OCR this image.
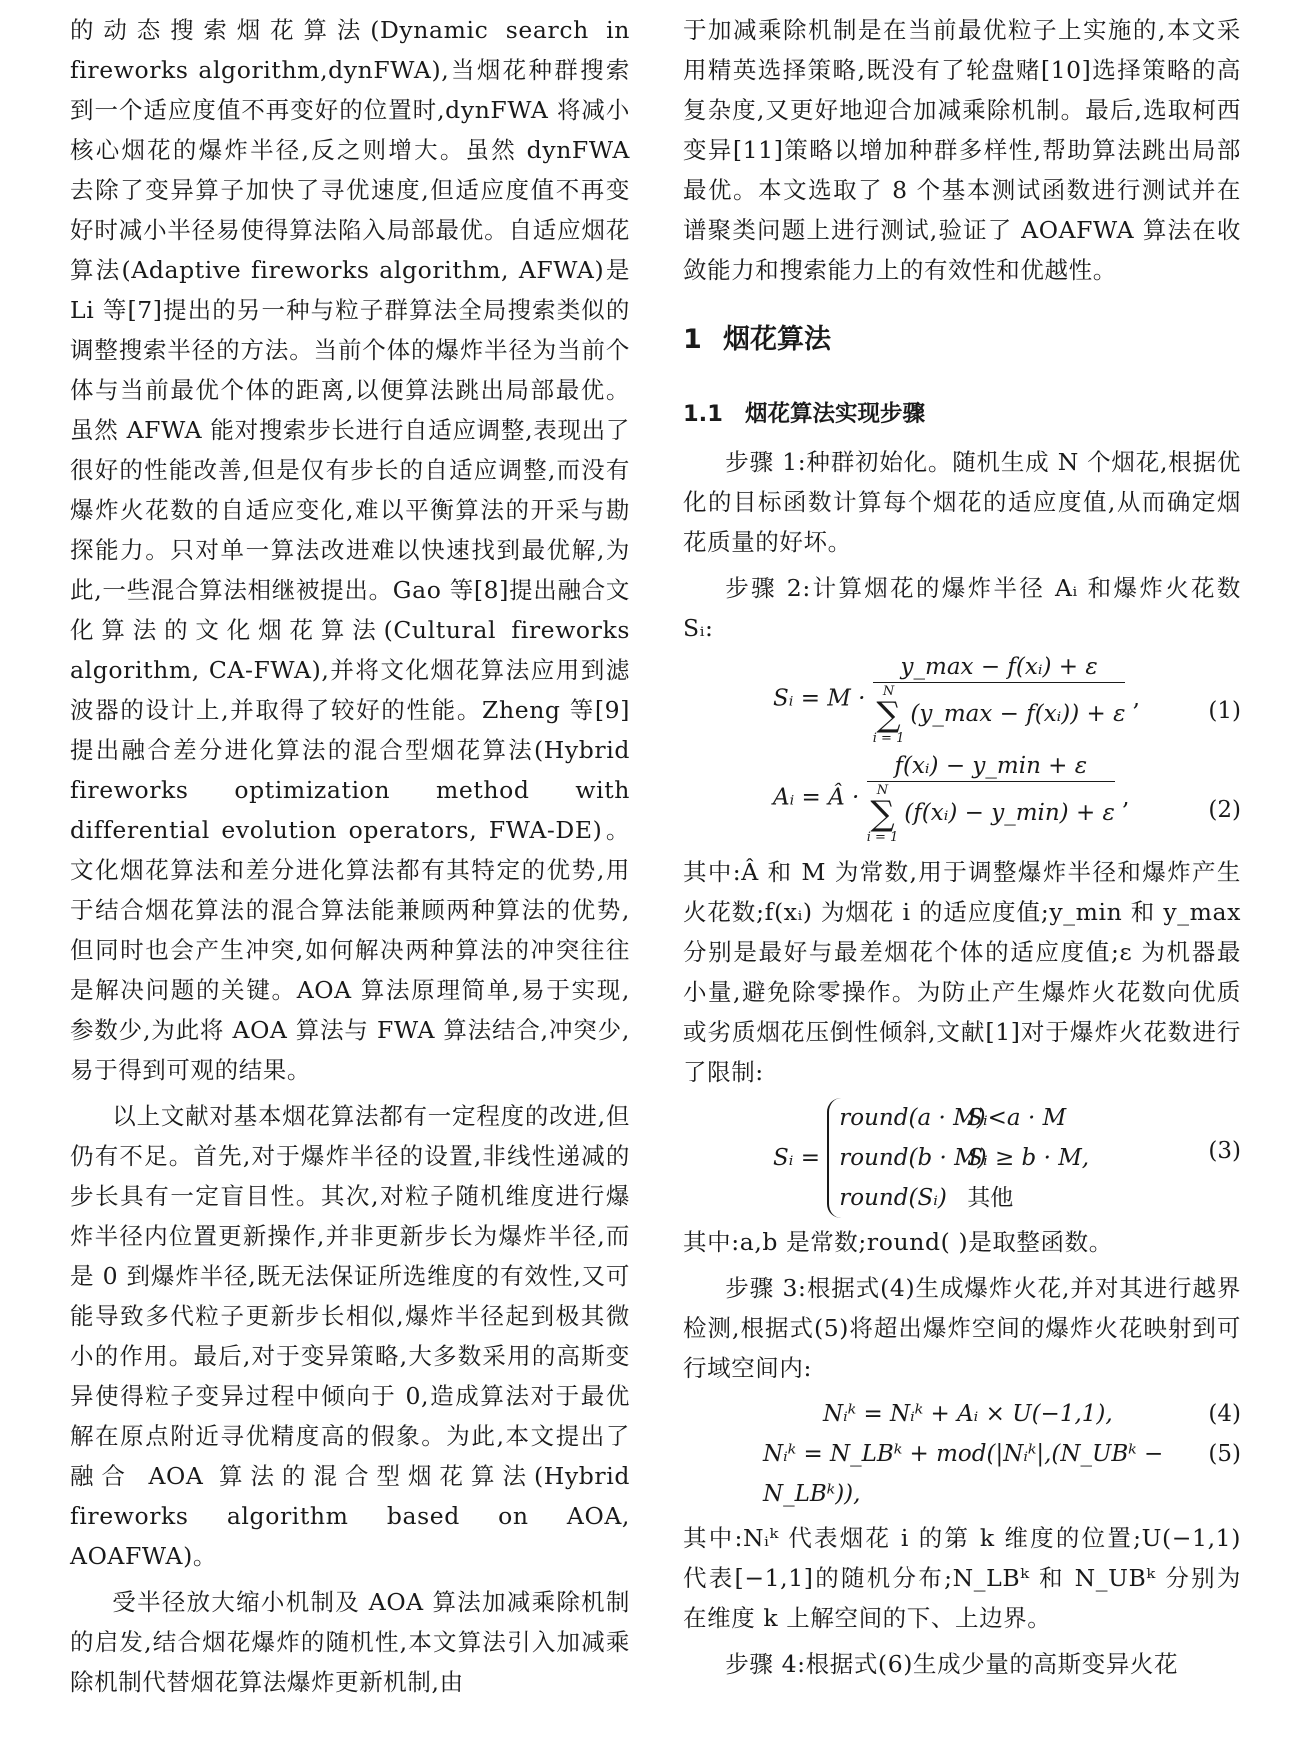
的动态搜索烟花算法(Dynamic search in fireworks algorithm,dynFWA),当烟花种群搜索到一个适应度值不再变好的位置时,dynFWA 将减小核心烟花的爆炸半径,反之则增大。虽然 dynFWA 去除了变异算子加快了寻优速度,但适应度值不再变好时减小半径易使得算法陷入局部最优。自适应烟花算法(Adaptive fireworks algorithm, AFWA)是 Li 等[7]提出的另一种与粒子群算法全局搜索类似的调整搜索半径的方法。当前个体的爆炸半径为当前个体与当前最优个体的距离,以便算法跳出局部最优。虽然 AFWA 能对搜索步长进行自适应调整,表现出了很好的性能改善,但是仅有步长的自适应调整,而没有爆炸火花数的自适应变化,难以平衡算法的开采与勘探能力。只对单一算法改进难以快速找到最优解,为此,一些混合算法相继被提出。Gao 等[8]提出融合文化算法的文化烟花算法(Cultural fireworks algorithm, CA-FWA),并将文化烟花算法应用到滤波器的设计上,并取得了较好的性能。Zheng 等[9]提出融合差分进化算法的混合型烟花算法(Hybrid fireworks optimization method with differential evolution operators, FWA-DE)。文化烟花算法和差分进化算法都有其特定的优势,用于结合烟花算法的混合算法能兼顾两种算法的优势,但同时也会产生冲突,如何解决两种算法的冲突往往是解决问题的关键。AOA 算法原理简单,易于实现,参数少,为此将 AOA 算法与 FWA 算法结合,冲突少,易于得到可观的结果。

以上文献对基本烟花算法都有一定程度的改进,但仍有不足。首先,对于爆炸半径的设置,非线性递减的步长具有一定盲目性。其次,对粒子随机维度进行爆炸半径内位置更新操作,并非更新步长为爆炸半径,而是 0 到爆炸半径,既无法保证所选维度的有效性,又可能导致多代粒子更新步长相似,爆炸半径起到极其微小的作用。最后,对于变异策略,大多数采用的高斯变异使得粒子变异过程中倾向于 0,造成算法对于最优解在原点附近寻优精度高的假象。为此,本文提出了融合 AOA 算法的混合型烟花算法(Hybrid fireworks algorithm based on AOA, AOAFWA)。

受半径放大缩小机制及 AOA 算法加减乘除机制的启发,结合烟花爆炸的随机性,本文算法引入加减乘除机制代替烟花算法爆炸更新机制,由

于加减乘除机制是在当前最优粒子上实施的,本文采用精英选择策略,既没有了轮盘赌[10]选择策略的高复杂度,又更好地迎合加减乘除机制。最后,选取柯西变异[11]策略以增加种群多样性,帮助算法跳出局部最优。本文选取了 8 个基本测试函数进行测试并在谱聚类问题上进行测试,验证了 AOAFWA 算法在收敛能力和搜索能力上的有效性和优越性。

1 烟花算法
1.1 烟花算法实现步骤

步骤 1:种群初始化。随机生成 N 个烟花,根据优化的目标函数计算每个烟花的适应度值,从而确定烟花质量的好坏。

步骤 2:计算烟花的爆炸半径 Aᵢ 和爆炸火花数 Sᵢ:

Sᵢ = M ·
y_max − f(xᵢ) + ε
N
∑
i = 1
(y_max − f(xᵢ)) + ε
,	(1)
Aᵢ = Â ·
f(xᵢ) − y_min + ε
N
∑
i = 1
(f(xᵢ) − y_min) + ε
,	(2)

其中:Â 和 M 为常数,用于调整爆炸半径和爆炸产生火花数;f(xᵢ) 为烟花 i 的适应度值;y_min 和 y_max 分别是最好与最差烟花个体的适应度值;ε 为机器最小量,避免除零操作。为防止产生爆炸火花数向优质或劣质烟花压倒性倾斜,文献[1]对于爆炸火花数进行了限制:

Sᵢ =
round(a · M)Sᵢ<a · M
round(b · M)Sᵢ ≥ b · M,
round(Sᵢ) 其他
(3)

其中:a,b 是常数;round( )是取整函数。

步骤 3:根据式(4)生成爆炸火花,并对其进行越界检测,根据式(5)将超出爆炸空间的爆炸火花映射到可行域空间内:

Nᵢᵏ = Nᵢᵏ + Aᵢ × U(−1,1),	(4)
Nᵢᵏ = N_LBᵏ + mod(|Nᵢᵏ|,(N_UBᵏ − N_LBᵏ)),
(5)

其中:Nᵢᵏ 代表烟花 i 的第 k 维度的位置;U(−1,1) 代表[−1,1]的随机分布;N_LBᵏ 和 N_UBᵏ 分别为在维度 k 上解空间的下、上边界。

步骤 4:根据式(6)生成少量的高斯变异火花
